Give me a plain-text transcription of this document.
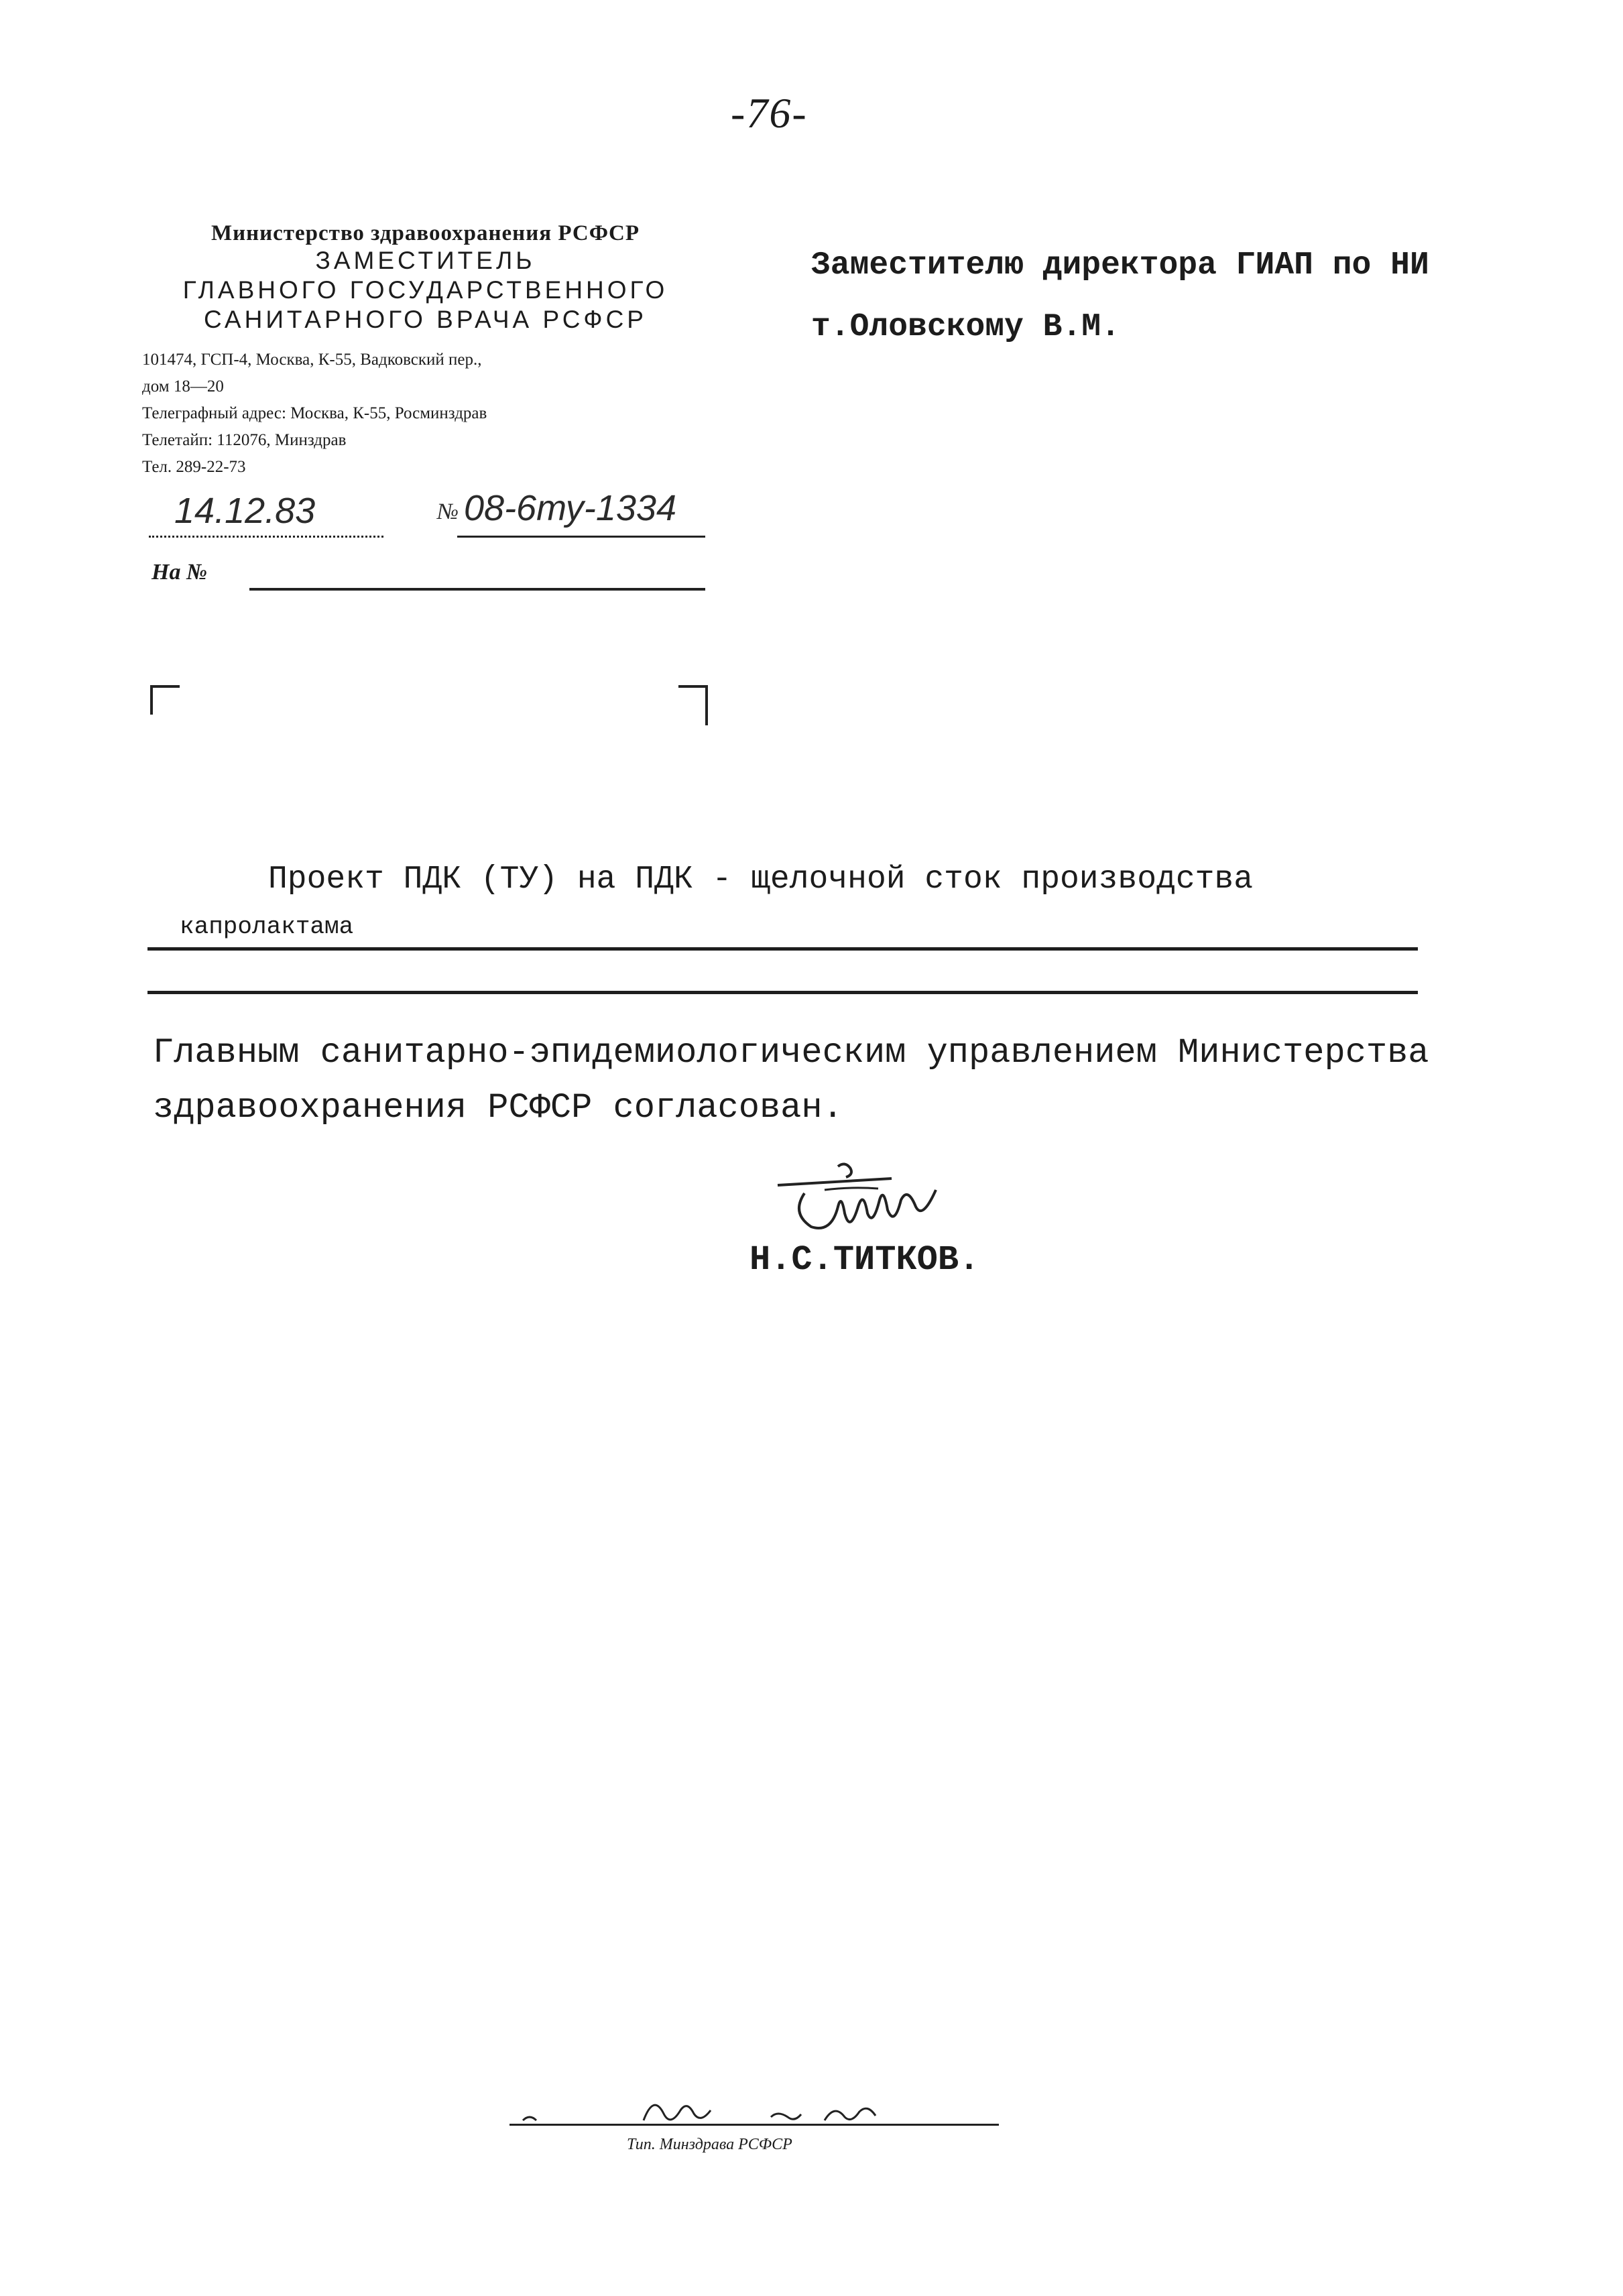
-76-
Министерство здравоохранения РСФСР
ЗАМЕСТИТЕЛЬ
ГЛАВНОГО ГОСУДАРСТВЕННОГО
САНИТАРНОГО ВРАЧА РСФСР
101474, ГСП-4, Москва, К-55, Вадковский пер.,
дом 18—20
Телеграфный адрес: Москва, К-55, Росминздрав
Телетайп: 112076, Минздрав
Тел. 289-22-73
14.12.83	№ 08-6ту-1334
На №
Заместителю директора ГИАП по НИ
т.Оловскому В.М.
Проект ПДК (ТУ) на ПДК - щелочной сток производства
капролактама
Главным санитарно-эпидемиологическим управлением Министерства
здравоохранения РСФСР согласован.
Н.С.ТИТКОВ.
Тип. Минздрава РСФСР
